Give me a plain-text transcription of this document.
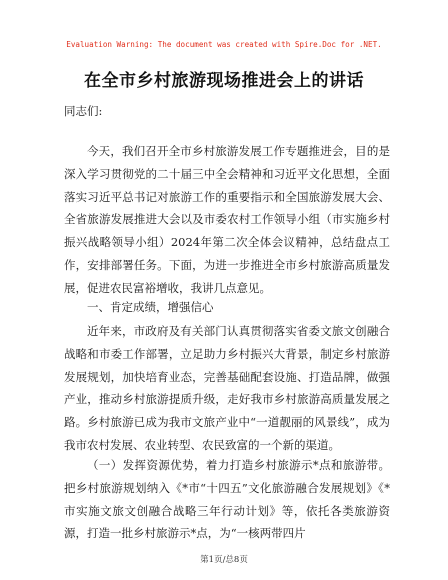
Evaluation Warning: The document was created with Spire.Doc for .NET.
在全市乡村旅游现场推进会上的讲话
同志们:
今天，我们召开全市乡村旅游发展工作专题推进会，目的是深入学习贯彻党的二十届三中全会精神和习近平文化思想，全面落实习近平总书记对旅游工作的重要指示和全国旅游发展大会、全省旅游发展推进大会以及市委农村工作领导小组（市实施乡村振兴战略领导小组）2024年第二次全体会议精神，总结盘点工作，安排部署任务。下面，为进一步推进全市乡村旅游高质量发展，促进农民富裕增收，我讲几点意见。
一、肯定成绩，增强信心
近年来，市政府及有关部门认真贯彻落实省委文旅文创融合战略和市委工作部署，立足助力乡村振兴大背景，制定乡村旅游发展规划，加快培育业态，完善基础配套设施、打造品牌，做强产业，推动乡村旅游提质升级，走好我市乡村旅游高质量发展之路。乡村旅游已成为我市文旅产业中“一道靓丽的风景线”，成为我市农村发展、农业转型、农民致富的一个新的渠道。
（一）发挥资源优势，着力打造乡村旅游示*点和旅游带。把乡村旅游规划纳入《*市“十四五”文化旅游融合发展规划》《*市实施文旅文创融合战略三年行动计划》等，依托各类旅游资源，打造一批乡村旅游示*点，为“一核两带四片
第1页/总8页
